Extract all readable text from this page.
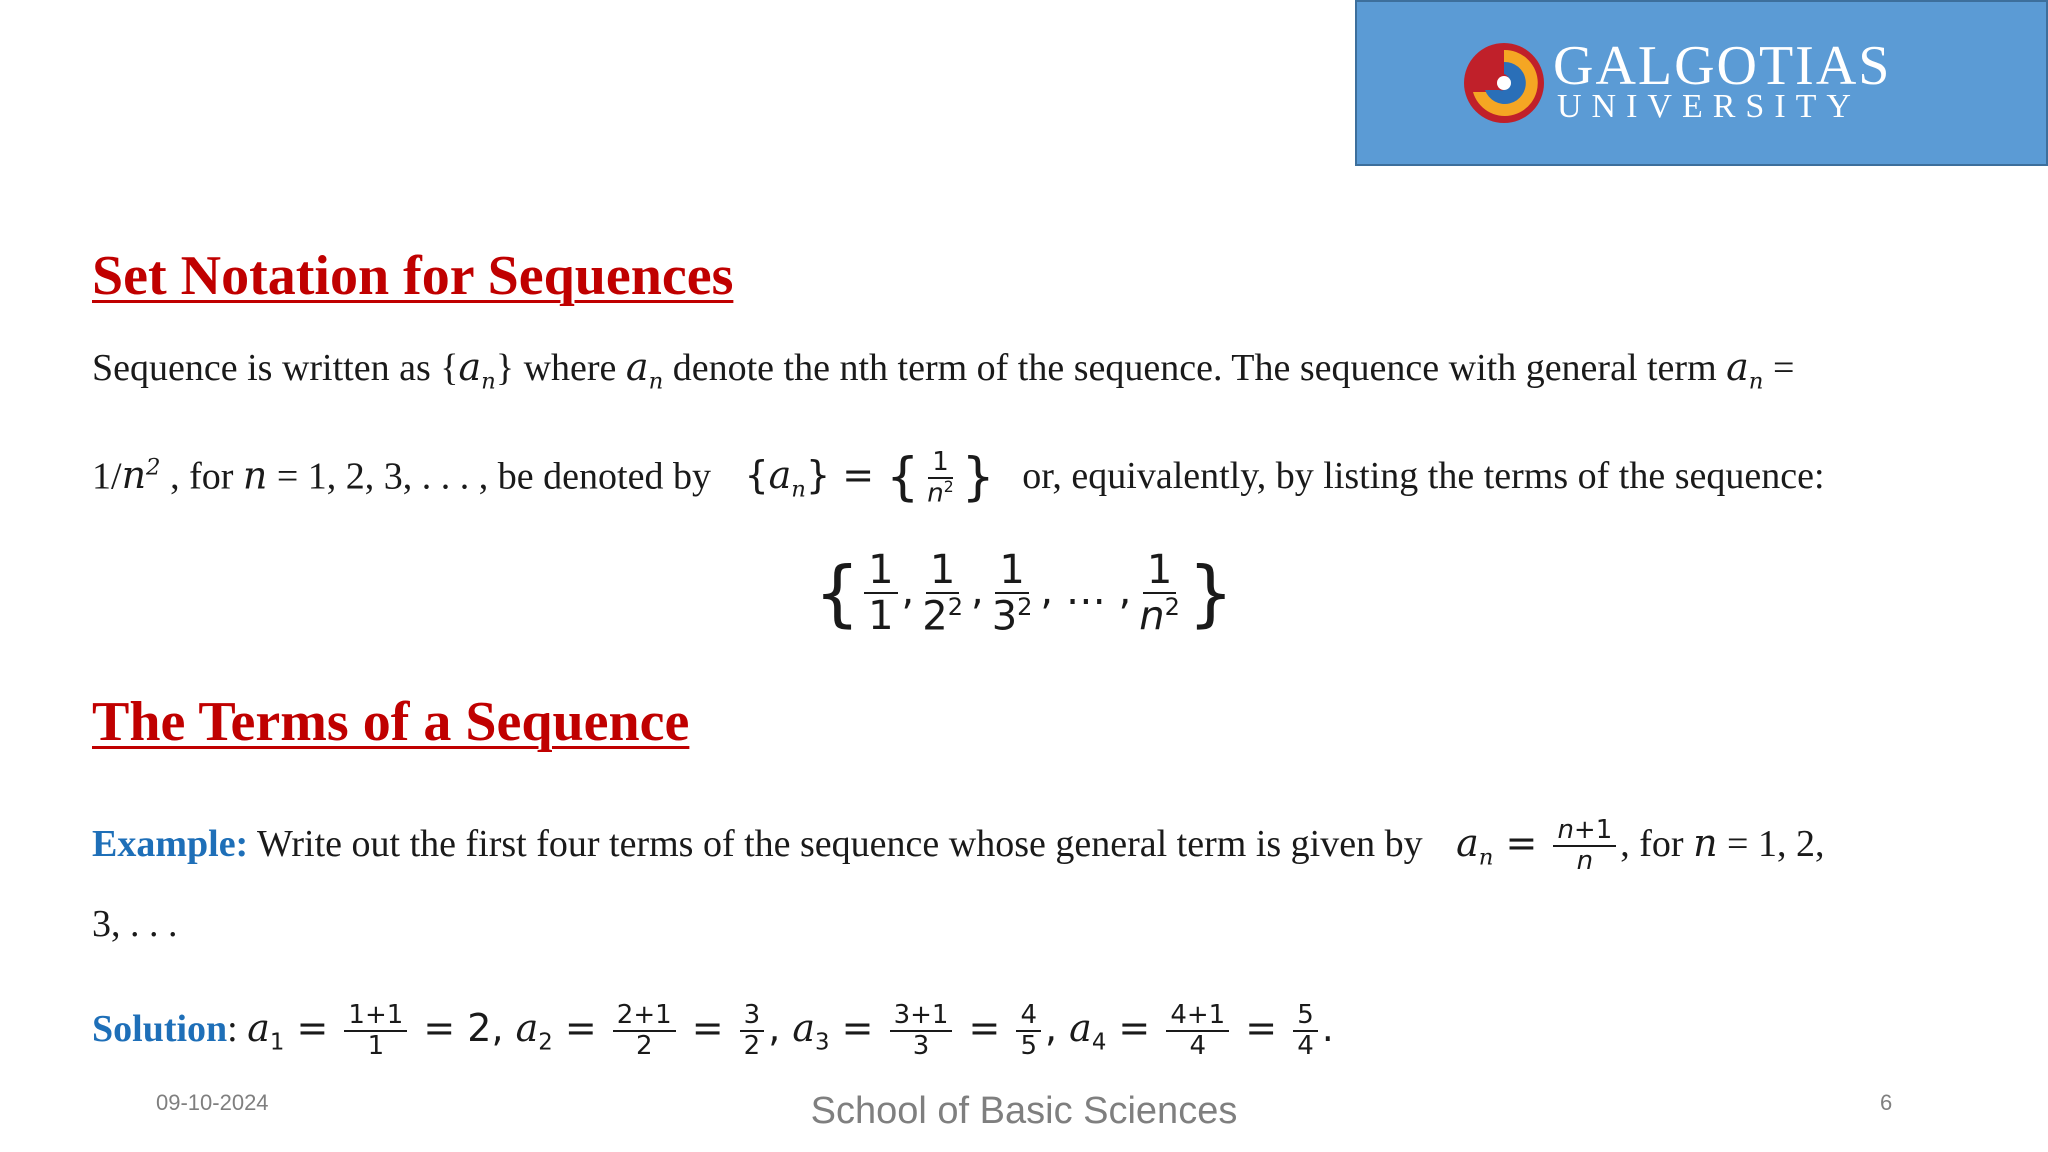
GALGOTIAS
UNIVERSITY
Set Notation for Sequences
Sequence is written as $\{a_n\}$ where $a_n$ denote the nth term of the sequence. The sequence with general term $a_n$ =
$1/n^2$ , for n = 1, 2, 3, . . . , be denoted by $\{a_n\}$ = { $\frac{1}{n^2}$ } or, equivalently, by listing the terms of the sequence:
{ $\frac{1}{1}$ , $\frac{1}{2^2}$ , $\frac{1}{3^2}$ , … , $\frac{1}{n^2}$ }
The Terms of a Sequence
Example: Write out the first four terms of the sequence whose general term is given by $a_n = \frac{n+1}{n}$ , for n = 1, 2,
3, . . .
Solution: $a_1 = \frac{1+1}{1} = 2$, $a_2 = \frac{2+1}{2} = \frac{3}{2}$ , $a_3 = \frac{3+1}{3} = \frac{4}{5}$ , $a_4 = \frac{4+1}{4} = \frac{5}{4}$ .
09-10-2024	School of Basic Sciences	6
